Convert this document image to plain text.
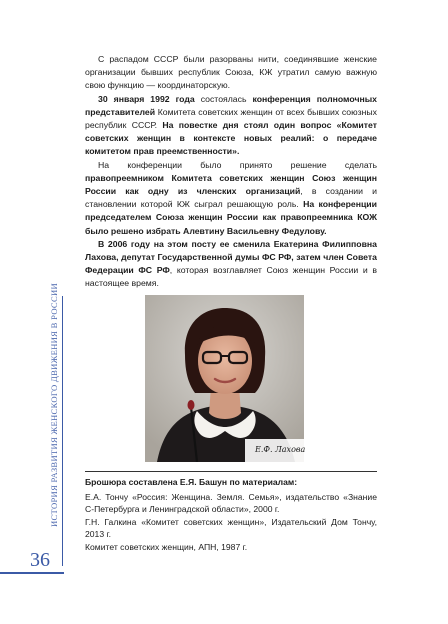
ИСТОРИЯ РАЗВИТИЯ ЖЕНСКОГО ДВИЖЕНИЯ В РОССИИ
36

С распадом СССР были разорваны нити, соединявшие женские организации бывших республик Союза, КЖ утратил самую важную свою функцию — координаторскую.

30 января 1992 года состоялась конференция полномочных представителей Комитета советских женщин от всех бывших союзных республик СССР. На повестке дня стоял один вопрос «Комитет советских женщин в контексте новых реалий: о передаче комитетом прав преемственности».

На конференции было принято решение сделать правопреемником Комитета советских женщин Союз женщин России как одну из членских организаций, в создании и становлении которой КЖ сыграл решающую роль. На конференции председателем Союза женщин России как правопреемника КОЖ было решено избрать Алевтину Васильевну Федулову.

В 2006 году на этом посту ее сменила Екатерина Филипповна Лахова, депутат Государственной думы ФС РФ, затем член Совета Федерации ФС РФ, которая возглавляет Союз женщин России и в настоящее время.

Е.Ф. Лахова
Брошюра составлена Е.Я. Башун по материалам:
Е.А. Тончу «Россия: Женщина. Земля. Семья», издательство «Знание С-Петербурга и Ленинградской области», 2000 г.
Г.Н. Галкина «Комитет советских женщин», Издательский Дом Тончу, 2013 г.
Комитет советских женщин, АПН, 1987 г.
